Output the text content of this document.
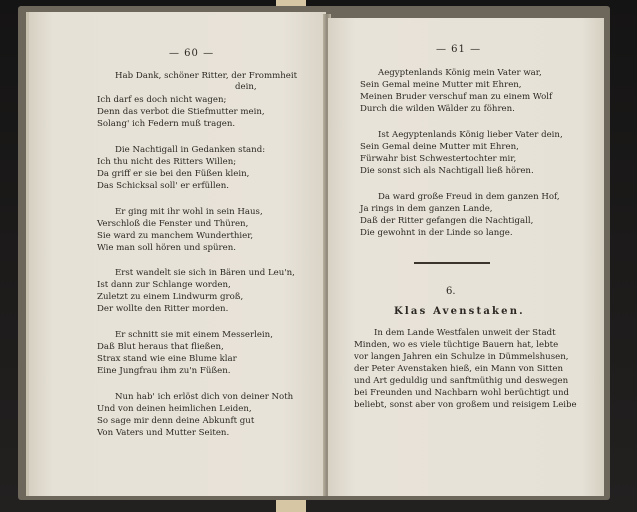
— 60 —
Hab Dank, schöner Ritter, der Frommheit
dein,
Ich darf es doch nicht wagen;
Denn das verbot die Stiefmutter mein,
Solang' ich Federn muß tragen.
Die Nachtigall in Gedanken stand:
Ich thu nicht des Ritters Willen;
Da griff er sie bei den Füßen klein,
Das Schicksal soll' er erfüllen.
Er ging mit ihr wohl in sein Haus,
Verschloß die Fenster und Thüren,
Sie ward zu manchem Wunderthier,
Wie man soll hören und spüren.
Erst wandelt sie sich in Bären und Leu'n,
Ist dann zur Schlange worden,
Zuletzt zu einem Lindwurm groß,
Der wollte den Ritter morden.
Er schnitt sie mit einem Messerlein,
Daß Blut heraus that fließen,
Strax stand wie eine Blume klar
Eine Jungfrau ihm zu'n Füßen.
Nun hab' ich erlöst dich von deiner Noth
Und von deinen heimlichen Leiden,
So sage mir denn deine Abkunft gut
Von Vaters und Mutter Seiten.
— 61 —
Aegyptenlands König mein Vater war,
Sein Gemal meine Mutter mit Ehren,
Meinen Bruder verschuf man zu einem Wolf
Durch die wilden Wälder zu föhren.
Ist Aegyptenlands König lieber Vater dein,
Sein Gemal deine Mutter mit Ehren,
Fürwahr bist Schwestertochter mir,
Die sonst sich als Nachtigall ließ hören.
Da ward große Freud in dem ganzen Hof,
Ja rings in dem ganzen Lande,
Daß der Ritter gefangen die Nachtigall,
Die gewohnt in der Linde so lange.
6.
Klas Avenstaken.
In dem Lande Westfalen unweit der Stadt
Minden, wo es viele tüchtige Bauern hat, lebte
vor langen Jahren ein Schulze in Dümmelshusen,
der Peter Avenstaken hieß, ein Mann von Sitten
und Art geduldig und sanftmüthig und deswegen
bei Freunden und Nachbarn wohl berüchtigt und
beliebt, sonst aber von großem und reisigem Leibe
